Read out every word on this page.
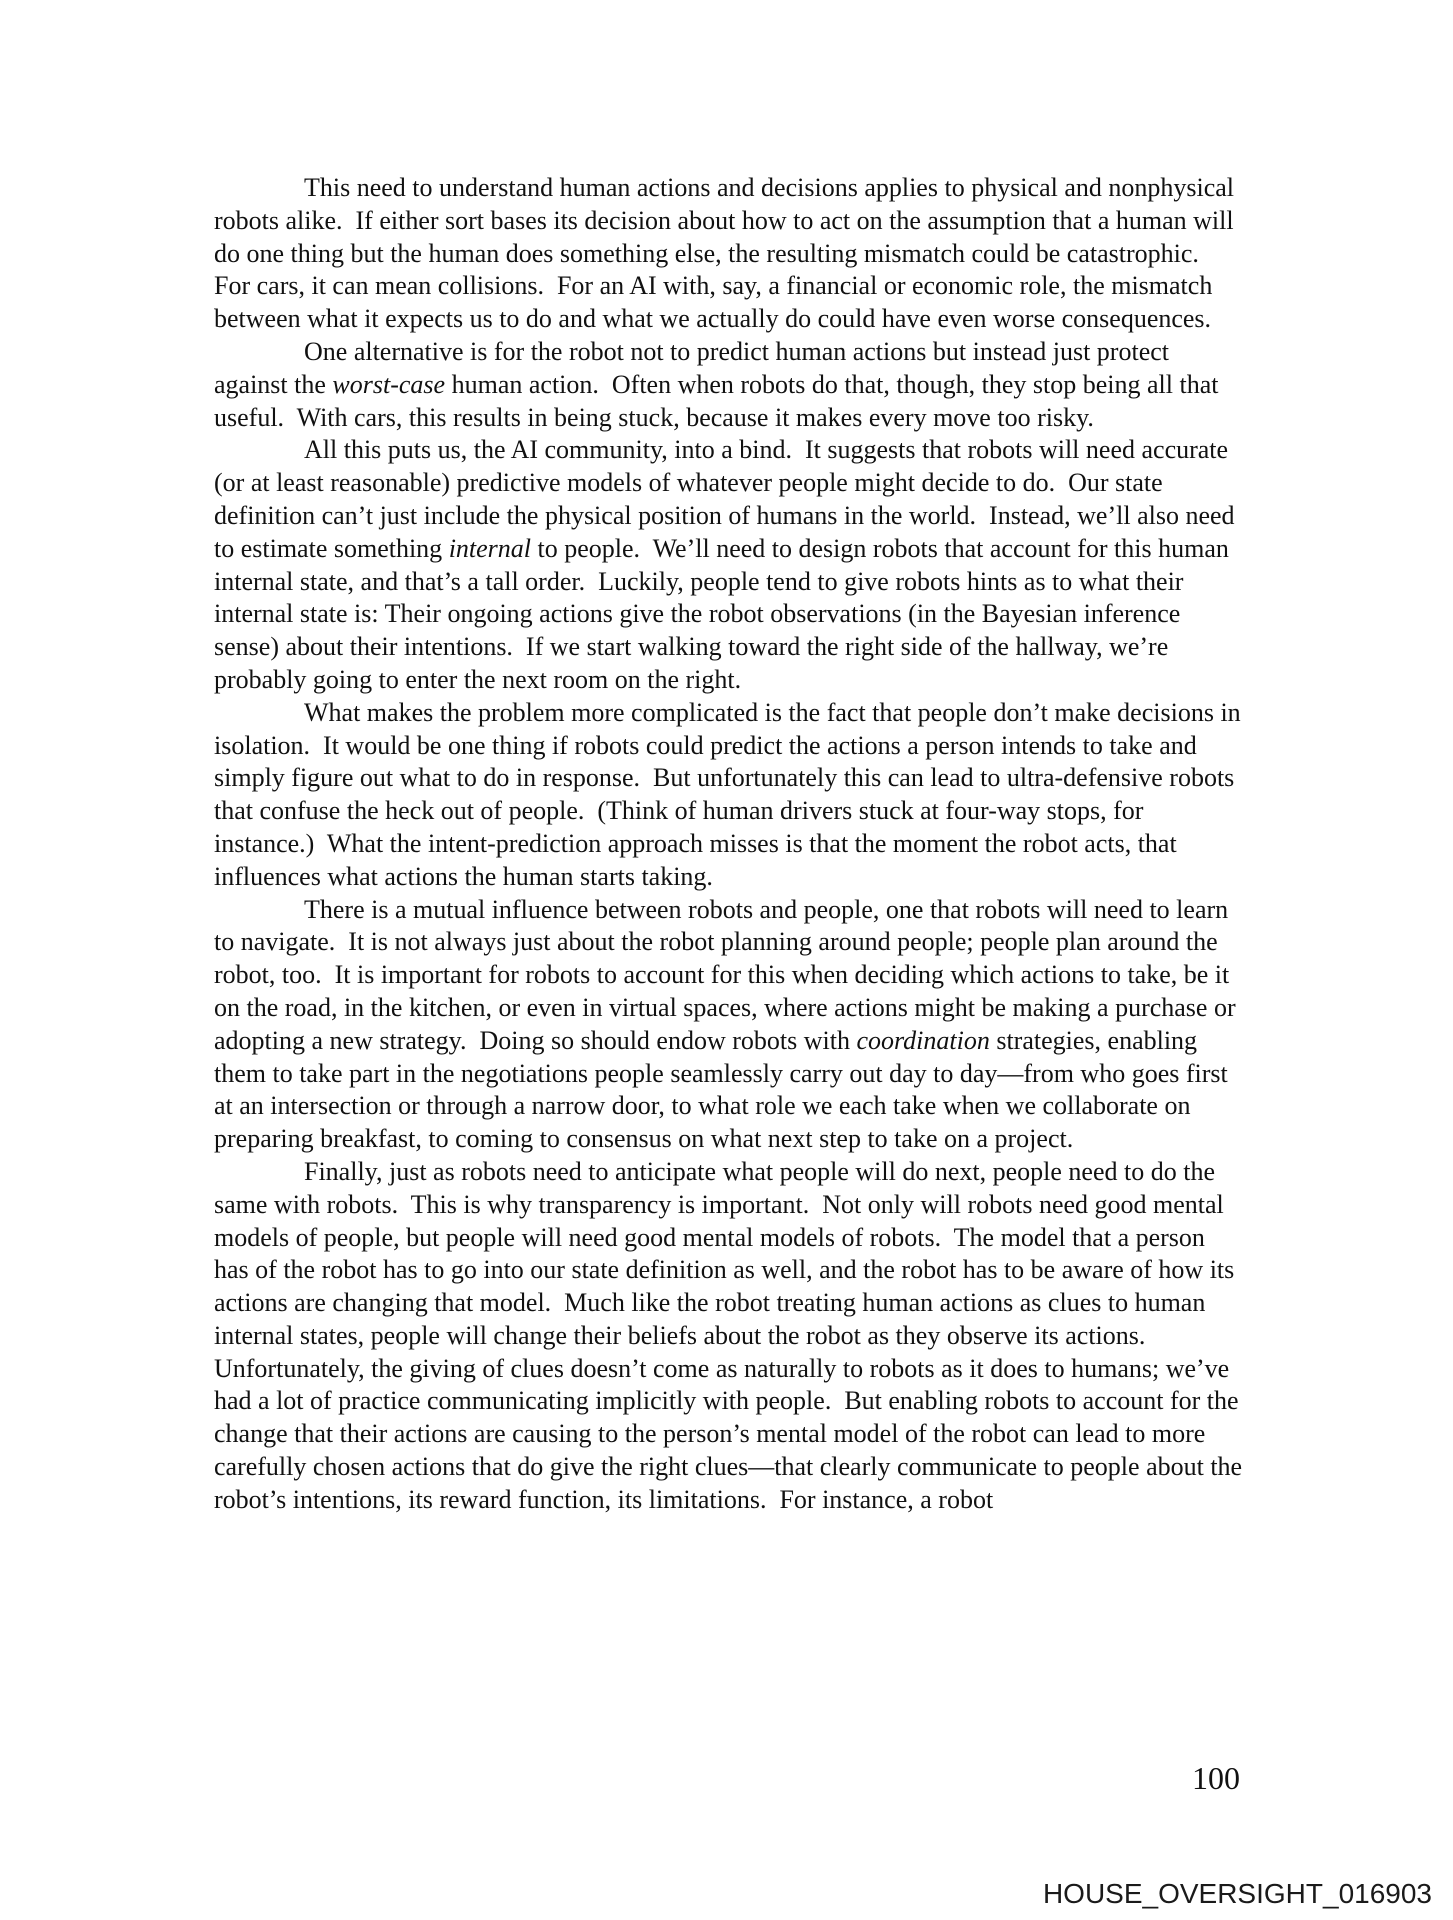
This need to understand human actions and decisions applies to physical and nonphysical robots alike.  If either sort bases its decision about how to act on the assumption that a human will do one thing but the human does something else, the resulting mismatch could be catastrophic.  For cars, it can mean collisions.  For an AI with, say, a financial or economic role, the mismatch between what it expects us to do and what we actually do could have even worse consequences.

One alternative is for the robot not to predict human actions but instead just protect against the worst-case human action.  Often when robots do that, though, they stop being all that useful.  With cars, this results in being stuck, because it makes every move too risky.

All this puts us, the AI community, into a bind.  It suggests that robots will need accurate (or at least reasonable) predictive models of whatever people might decide to do.  Our state definition can’t just include the physical position of humans in the world.  Instead, we’ll also need to estimate something internal to people.  We’ll need to design robots that account for this human internal state, and that’s a tall order.  Luckily, people tend to give robots hints as to what their internal state is: Their ongoing actions give the robot observations (in the Bayesian inference sense) about their intentions.  If we start walking toward the right side of the hallway, we’re probably going to enter the next room on the right.

What makes the problem more complicated is the fact that people don’t make decisions in isolation.  It would be one thing if robots could predict the actions a person intends to take and simply figure out what to do in response.  But unfortunately this can lead to ultra-defensive robots that confuse the heck out of people.  (Think of human drivers stuck at four-way stops, for instance.)  What the intent-prediction approach misses is that the moment the robot acts, that influences what actions the human starts taking.

There is a mutual influence between robots and people, one that robots will need to learn to navigate.  It is not always just about the robot planning around people; people plan around the robot, too.  It is important for robots to account for this when deciding which actions to take, be it on the road, in the kitchen, or even in virtual spaces, where actions might be making a purchase or adopting a new strategy.  Doing so should endow robots with coordination strategies, enabling them to take part in the negotiations people seamlessly carry out day to day—from who goes first at an intersection or through a narrow door, to what role we each take when we collaborate on preparing breakfast, to coming to consensus on what next step to take on a project.

Finally, just as robots need to anticipate what people will do next, people need to do the same with robots.  This is why transparency is important.  Not only will robots need good mental models of people, but people will need good mental models of robots.  The model that a person has of the robot has to go into our state definition as well, and the robot has to be aware of how its actions are changing that model.  Much like the robot treating human actions as clues to human internal states, people will change their beliefs about the robot as they observe its actions.  Unfortunately, the giving of clues doesn’t come as naturally to robots as it does to humans; we’ve had a lot of practice communicating implicitly with people.  But enabling robots to account for the change that their actions are causing to the person’s mental model of the robot can lead to more carefully chosen actions that do give the right clues—that clearly communicate to people about the robot’s intentions, its reward function, its limitations.  For instance, a robot

100
HOUSE_OVERSIGHT_016903
